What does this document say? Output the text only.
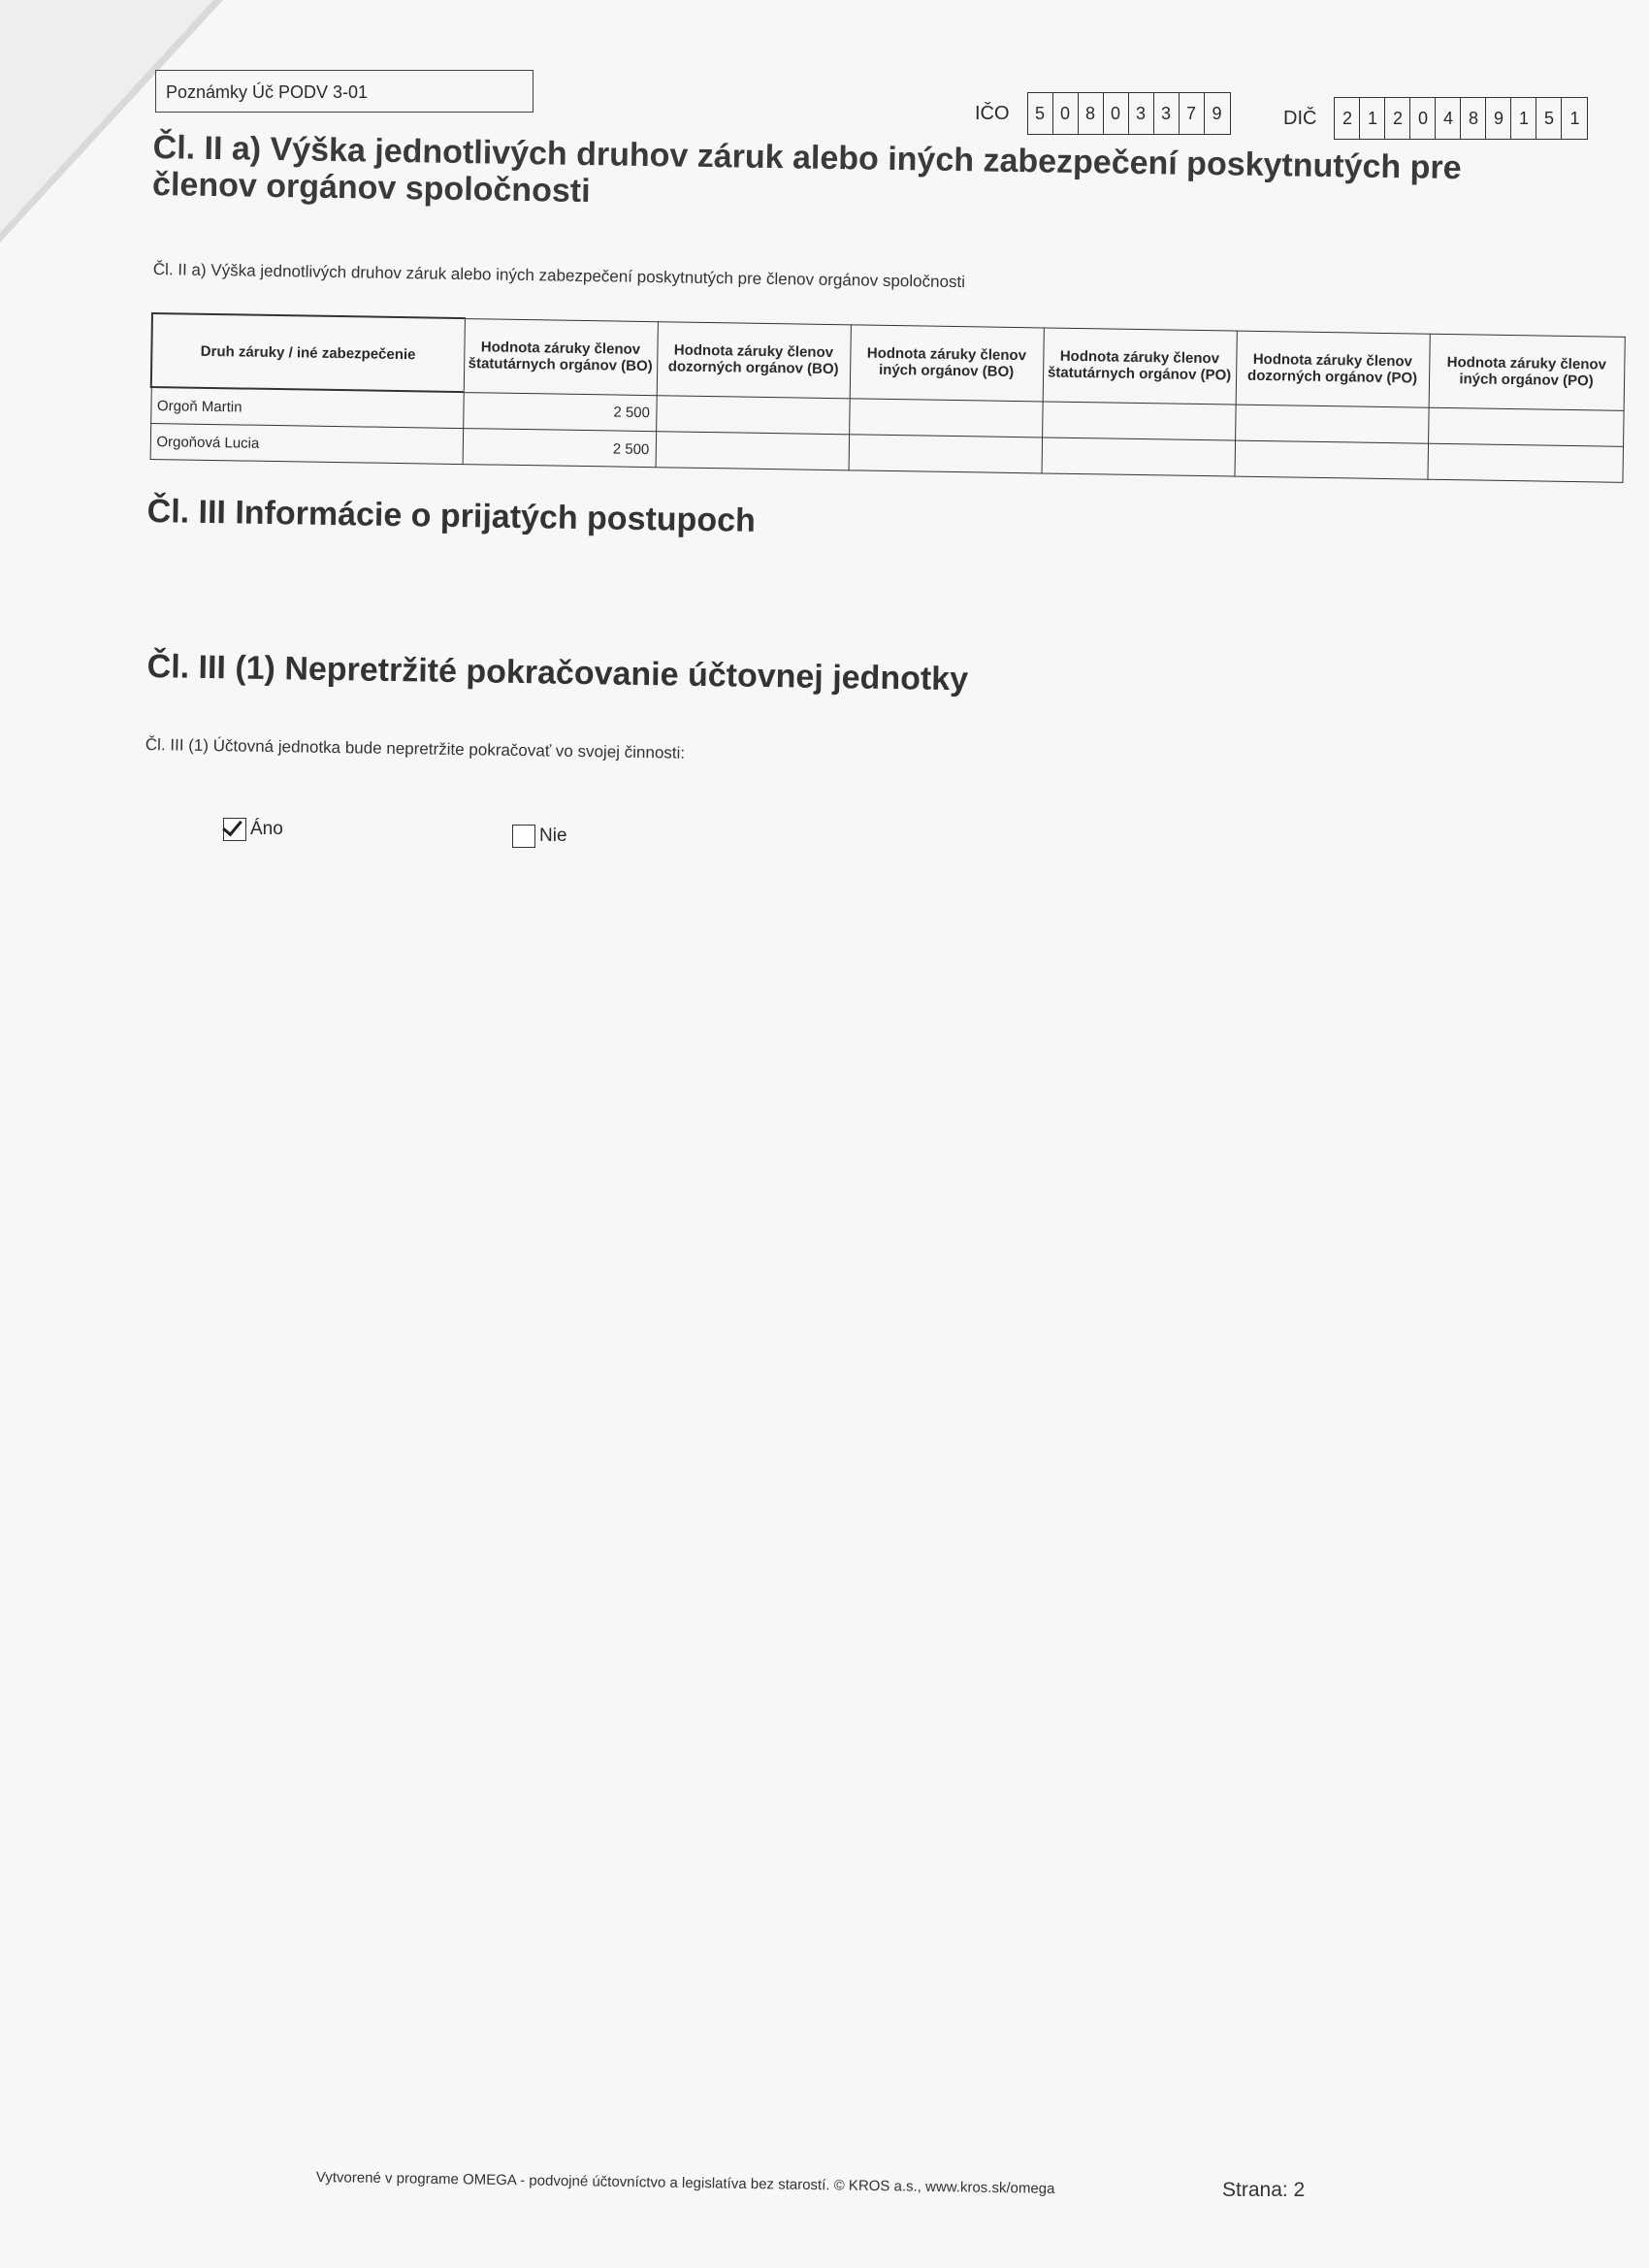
Poznámky Úč PODV 3-01
IČO	5 0 8 0 3 3 7 9	DIČ	2 1 2 0 4 8 9 1 5 1
Čl. II a) Výška jednotlivých druhov záruk alebo iných zabezpečení poskytnutých pre členov orgánov spoločnosti
Čl. II a) Výška jednotlivých druhov záruk alebo iných zabezpečení poskytnutých pre členov orgánov spoločnosti
Druh záruky / iné zabezpečenie	Hodnota záruky členov štatutárnych orgánov (BO)	Hodnota záruky členov dozorných orgánov (BO)	Hodnota záruky členov iných orgánov (BO)	Hodnota záruky členov štatutárnych orgánov (PO)	Hodnota záruky členov dozorných orgánov (PO)	Hodnota záruky členov iných orgánov (PO)
Orgoň Martin	2 500					
Orgoňová Lucia	2 500					
Čl. III Informácie o prijatých postupoch
Čl. III (1) Nepretržité pokračovanie účtovnej jednotky
Čl. III (1) Účtovná jednotka bude nepretržite pokračovať vo svojej činnosti:
Áno	Nie
Vytvorené v programe OMEGA - podvojné účtovníctvo a legislatíva bez starostí. © KROS a.s., www.kros.sk/omega	Strana: 2
